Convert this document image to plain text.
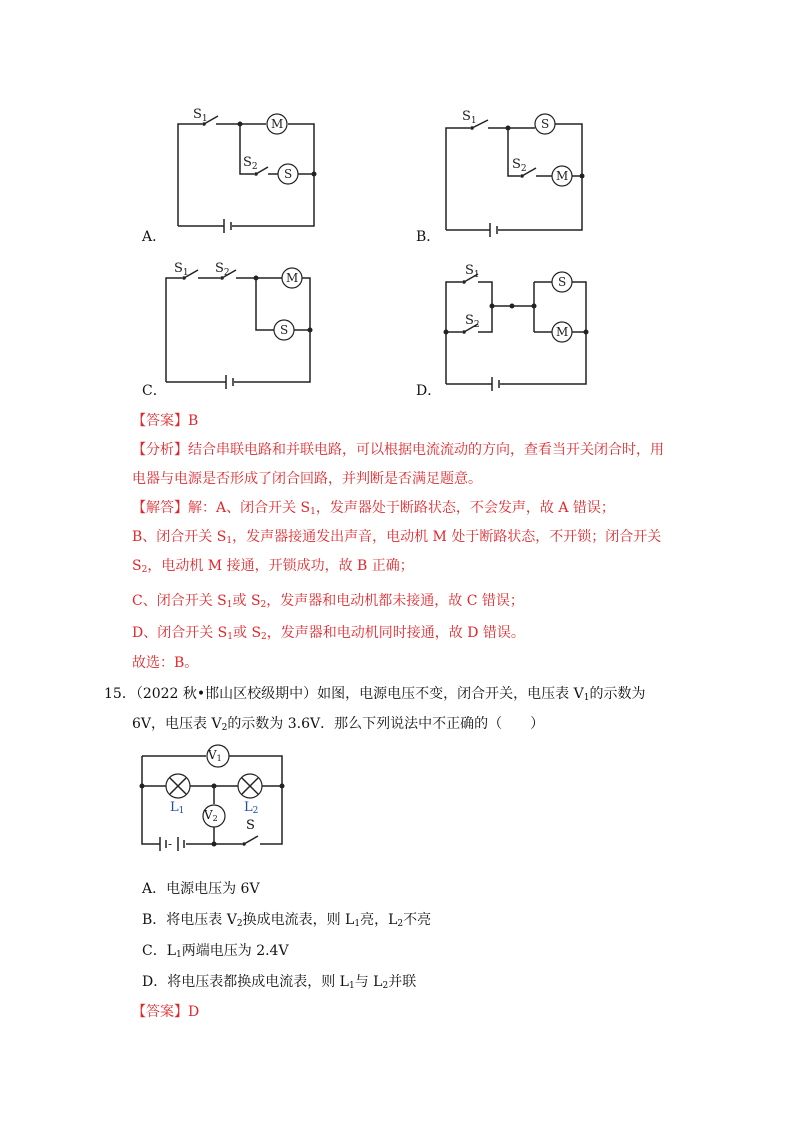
M
S
$S_1$
$S_2$
S
M
$S_1$
$S_2$
M
S
$S_1$ $S_2$
S
M
$S_1$
$S_2$
-
A．	B．
C．	D．
【答案】B
【分析】结合串联电路和并联电路，可以根据电流流动的方向，查看当开关闭合时，用
电器与电源是否形成了闭合回路，并判断是否满足题意。
【解答】解：A、闭合开关 $S_1$，发声器处于断路状态，不会发声，故 A 错误；
B、闭合开关 $S_1$，发声器接通发出声音，电动机 M 处于断路状态，不开锁；闭合开关
$S_2$，电动机 M 接通，开锁成功，故 B 正确；
C、闭合开关 $S_1$或 $S_2$，发声器和电动机都未接通，故 C 错误；
D、闭合开关 $S_1$或 $S_2$，发声器和电动机同时接通，故 D 错误。
故选：B。
15．（2022 秋•邯山区校级期中）如图，电源电压不变，闭合开关，电压表 $V_1$的示数为
6V，电压表 $V_2$的示数为 3.6V．那么下列说法中不正确的（　　）
$V_1$
$V_2$
$L_1$	$L_2$
S
A．电源电压为 6V
B．将电压表 $V_2$换成电流表，则 $L_1$亮，$L_2$不亮
C．$L_1$两端电压为 2.4V
D．将电压表都换成电流表，则 $L_1$与 $L_2$并联
【答案】D
